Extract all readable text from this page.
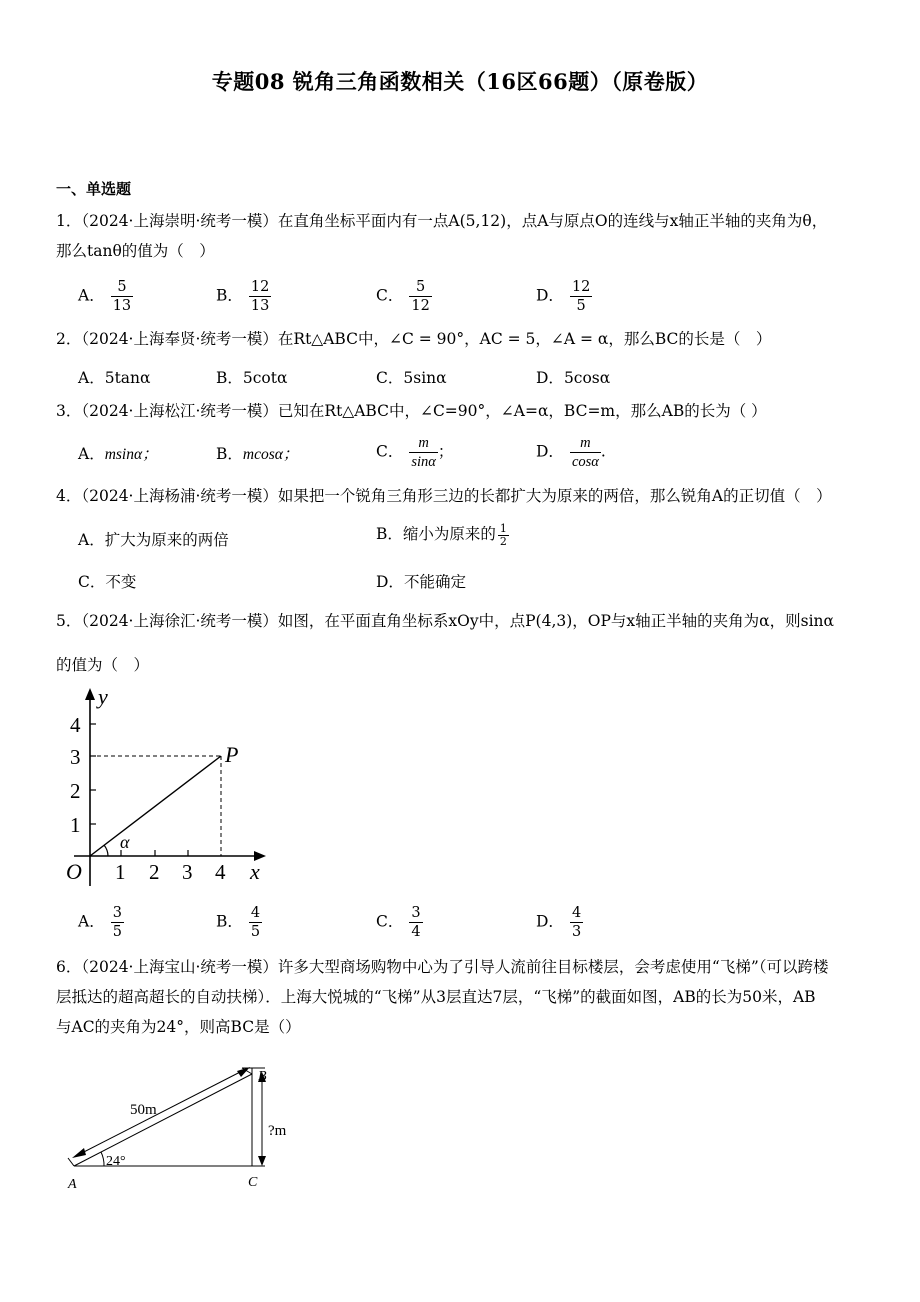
专题08 锐角三角函数相关（16区66题）（原卷版）
一、单选题
1．（2024·上海崇明·统考一模）在直角坐标平面内有一点A(5,12)，点A与原点O的连线与x轴正半轴的夹角为θ，
那么tanθ的值为（　）
A． $\frac{5}{13}$	B． $\frac{12}{13}$	C． $\frac{5}{12}$	D． $\frac{12}{5}$
2．（2024·上海奉贤·统考一模）在Rt△ABC中，∠C = 90°，AC = 5，∠A = α，那么BC的长是（　）
A．5tanα	B．5cotα	C．5sinα	D．5cosα
3．（2024·上海松江·统考一模）已知在Rt△ABC中，∠C=90°，∠A=α，BC=m，那么AB的长为（ ）
A．msinα；	B．mcosα；	C． $\frac{m}{\sin\alpha}$ ；	D． $\frac{m}{\cos\alpha}$ .
4．（2024·上海杨浦·统考一模）如果把一个锐角三角形三边的长都扩大为原来的两倍，那么锐角A的正切值（　）
A．扩大为原来的两倍	B．缩小为原来的 $\frac{1}{2}$
C．不变	D．不能确定
5．（2024·上海徐汇·统考一模）如图，在平面直角坐标系xOy中，点P(4,3)，OP与x轴正半轴的夹角为α，则sinα
的值为（　）
y
x
O
P
α
1
2
3
4
1 2 3 4
A． $\frac{3}{5}$	B． $\frac{4}{5}$	C． $\frac{3}{4}$	D． $\frac{4}{3}$
6．（2024·上海宝山·统考一模）许多大型商场购物中心为了引导人流前往目标楼层，会考虑使用“飞梯”（可以跨楼
层抵达的超高超长的自动扶梯）．上海大悦城的“飞梯”从3层直达7层，“飞梯”的截面如图，AB的长为50米，AB
与AC的夹角为24°，则高BC是（）
50m
?m
24°
A
B
C
